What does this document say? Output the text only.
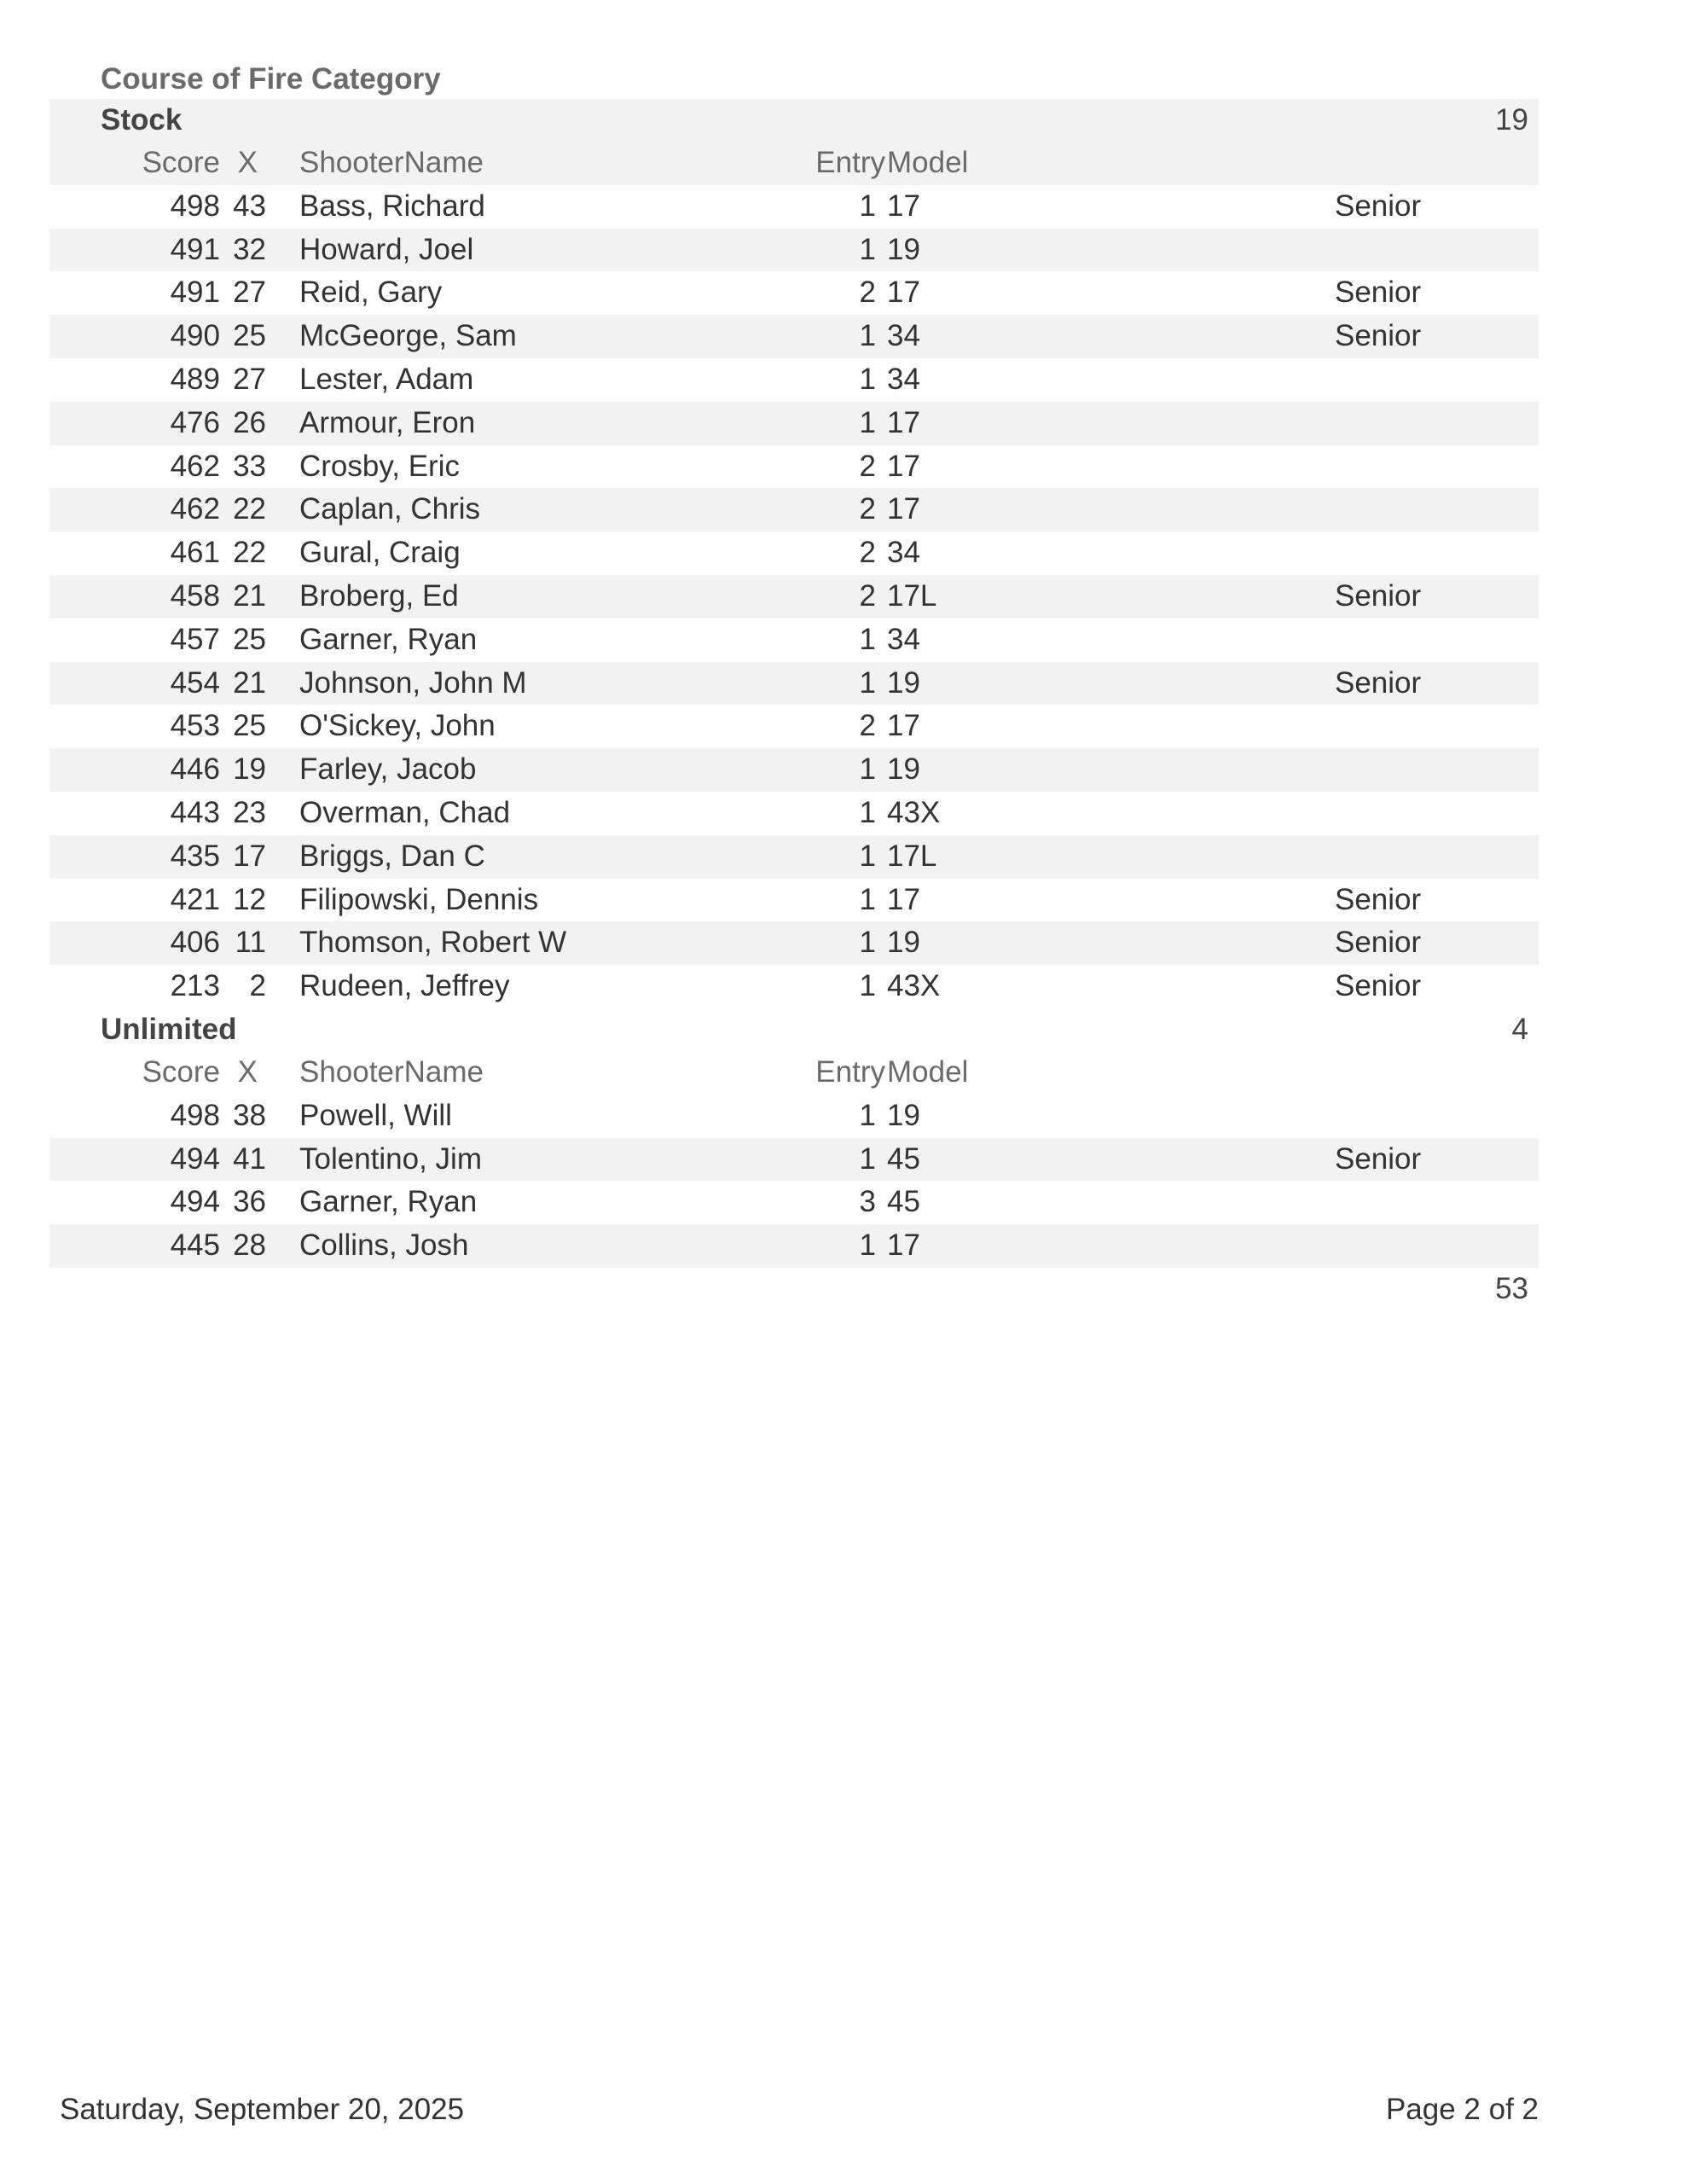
Course of Fire Category
Stock	19
Score X ShooterName	Entry Model
498 43 Bass, Richard	1 17	Senior
491 32 Howard, Joel	1 19
491 27 Reid, Gary	2 17	Senior
490 25 McGeorge, Sam	1 34	Senior
489 27 Lester, Adam	1 34
476 26 Armour, Eron	1 17
462 33 Crosby, Eric	2 17
462 22 Caplan, Chris	2 17
461 22 Gural, Craig	2 34
458 21 Broberg, Ed	2 17L	Senior
457 25 Garner, Ryan	1 34
454 21 Johnson, John M	1 19	Senior
453 25 O'Sickey, John	2 17
446 19 Farley, Jacob	1 19
443 23 Overman, Chad	1 43X
435 17 Briggs, Dan C	1 17L
421 12 Filipowski, Dennis	1 17	Senior
406 11 Thomson, Robert W	1 19	Senior
213 2 Rudeen, Jeffrey	1 43X	Senior
Unlimited	4
Score X ShooterName	Entry Model
498 38 Powell, Will	1 19
494 41 Tolentino, Jim	1 45	Senior
494 36 Garner, Ryan	3 45
445 28 Collins, Josh	1 17
53
Saturday, September 20, 2025	Page 2 of 2
